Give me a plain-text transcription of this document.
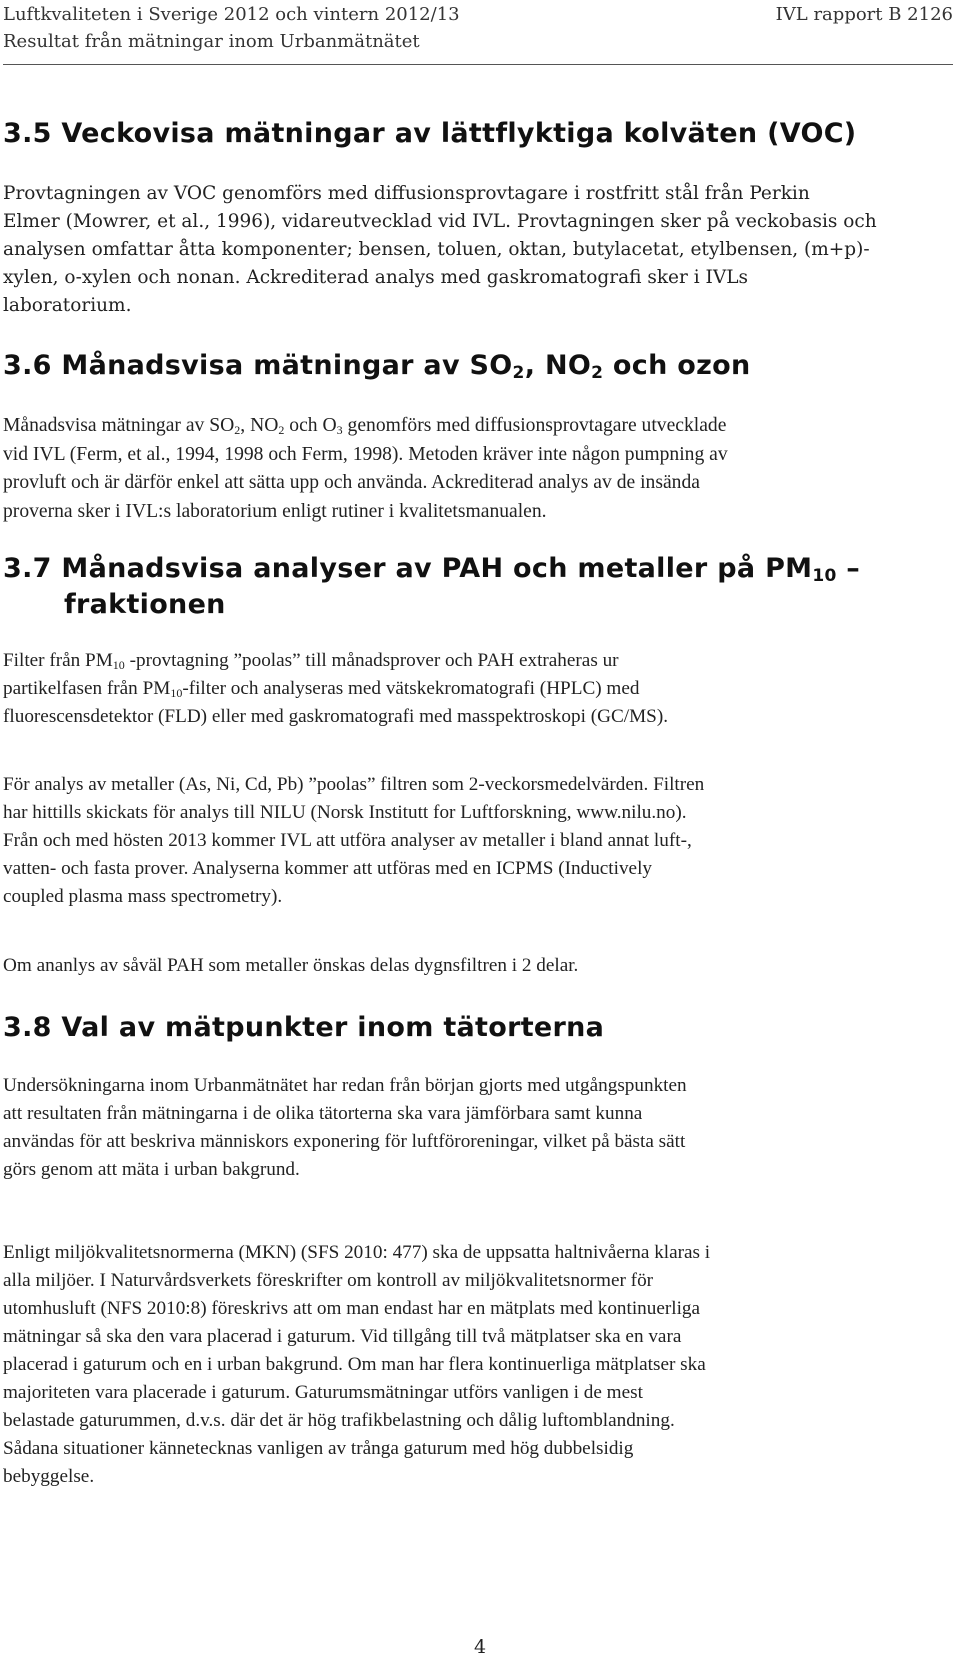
Luftkvaliteten i Sverige 2012 och vintern 2012/13	IVL rapport B 2126
Resultat från mätningar inom Urbanmätnätet
3.5 Veckovisa mätningar av lättflyktiga kolväten (VOC)

Provtagningen av VOC genomförs med diffusionsprovtagare i rostfritt stål från Perkin
Elmer (Mowrer, et al., 1996), vidareutvecklad vid IVL. Provtagningen sker på veckobasis och
analysen omfattar åtta komponenter; bensen, toluen, oktan, butylacetat, etylbensen, (m+p)-
xylen, o-xylen och nonan. Ackrediterad analys med gaskromatografi sker i IVLs
laboratorium.

3.6 Månadsvisa mätningar av $SO_2$, $NO_2$ och ozon

Månadsvisa mätningar av $SO_2$, $NO_2$ och $O_3$ genomförs med diffusionsprovtagare utvecklade
vid IVL (Ferm, et al., 1994, 1998 och Ferm, 1998). Metoden kräver inte någon pumpning av
provluft och är därför enkel att sätta upp och använda. Ackrediterad analys av de insända
proverna sker i IVL:s laboratorium enligt rutiner i kvalitetsmanualen.

3.7 Månadsvisa analyser av PAH och metaller på $PM_{10}$ –
fraktionen

Filter från $PM_{10}$ -provtagning ”poolas” till månadsprover och PAH extraheras ur
partikelfasen från $PM_{10}$-filter och analyseras med vätskekromatografi (HPLC) med
fluorescensdetektor (FLD) eller med gaskromatografi med masspektroskopi (GC/MS).

För analys av metaller (As, Ni, Cd, Pb) ”poolas” filtren som 2-veckorsmedelvärden. Filtren
har hittills skickats för analys till NILU (Norsk Institutt for Luftforskning, www.nilu.no).
Från och med hösten 2013 kommer IVL att utföra analyser av metaller i bland annat luft-,
vatten- och fasta prover. Analyserna kommer att utföras med en ICPMS (Inductively
coupled plasma mass spectrometry).

Om ananlys av såväl PAH som metaller önskas delas dygnsfiltren i 2 delar.

3.8 Val av mätpunkter inom tätorterna

Undersökningarna inom Urbanmätnätet har redan från början gjorts med utgångspunkten
att resultaten från mätningarna i de olika tätorterna ska vara jämförbara samt kunna
användas för att beskriva människors exponering för luftföroreningar, vilket på bästa sätt
görs genom att mäta i urban bakgrund.

Enligt miljökvalitetsnormerna (MKN) (SFS 2010: 477) ska de uppsatta haltnivåerna klaras i
alla miljöer. I Naturvårdsverkets föreskrifter om kontroll av miljökvalitetsnormer för
utomhusluft (NFS 2010:8) föreskrivs att om man endast har en mätplats med kontinuerliga
mätningar så ska den vara placerad i gaturum. Vid tillgång till två mätplatser ska en vara
placerad i gaturum och en i urban bakgrund. Om man har flera kontinuerliga mätplatser ska
majoriteten vara placerade i gaturum. Gaturumsmätningar utförs vanligen i de mest
belastade gaturummen, d.v.s. där det är hög trafikbelastning och dålig luftomblandning.
Sådana situationer kännetecknas vanligen av trånga gaturum med hög dubbelsidig
bebyggelse.

4
